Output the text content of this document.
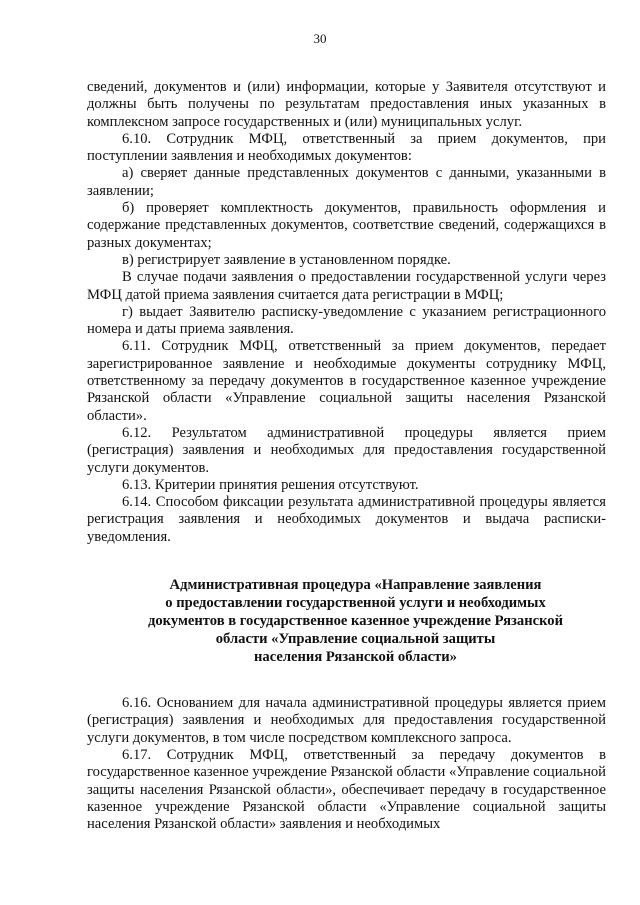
30

сведений, документов и (или) информации, которые у Заявителя отсутствуют и должны быть получены по результатам предоставления иных указанных в комплексном запросе государственных и (или) муниципальных услуг.

6.10. Сотрудник МФЦ, ответственный за прием документов, при поступлении заявления и необходимых документов:

а) сверяет данные представленных документов с данными, указанными в заявлении;

б) проверяет комплектность документов, правильность оформления и содержание представленных документов, соответствие сведений, содержащихся в разных документах;

в) регистрирует заявление в установленном порядке.

В случае подачи заявления о предоставлении государственной услуги через МФЦ датой приема заявления считается дата регистрации в МФЦ;

г) выдает Заявителю расписку-уведомление с указанием регистрационного номера и даты приема заявления.

6.11. Сотрудник МФЦ, ответственный за прием документов, передает зарегистрированное заявление и необходимые документы сотруднику МФЦ, ответственному за передачу документов в государственное казенное учреждение Рязанской области «Управление социальной защиты населения Рязанской области».

6.12. Результатом административной процедуры является прием (регистрация) заявления и необходимых для предоставления государственной услуги документов.

6.13. Критерии принятия решения отсутствуют.

6.14. Способом фиксации результата административной процедуры является регистрация заявления и необходимых документов и выдача расписки-уведомления.

Административная процедура «Направление заявления
о предоставлении государственной услуги и необходимых
документов в государственное казенное учреждение Рязанской
области «Управление социальной защиты
населения Рязанской области»

6.16. Основанием для начала административной процедуры является прием (регистрация) заявления и необходимых для предоставления государственной услуги документов, в том числе посредством комплексного запроса.

6.17. Сотрудник МФЦ, ответственный за передачу документов в государственное казенное учреждение Рязанской области «Управление социальной защиты населения Рязанской области», обеспечивает передачу в государственное казенное учреждение Рязанской области «Управление социальной защиты населения Рязанской области» заявления и необходимых
